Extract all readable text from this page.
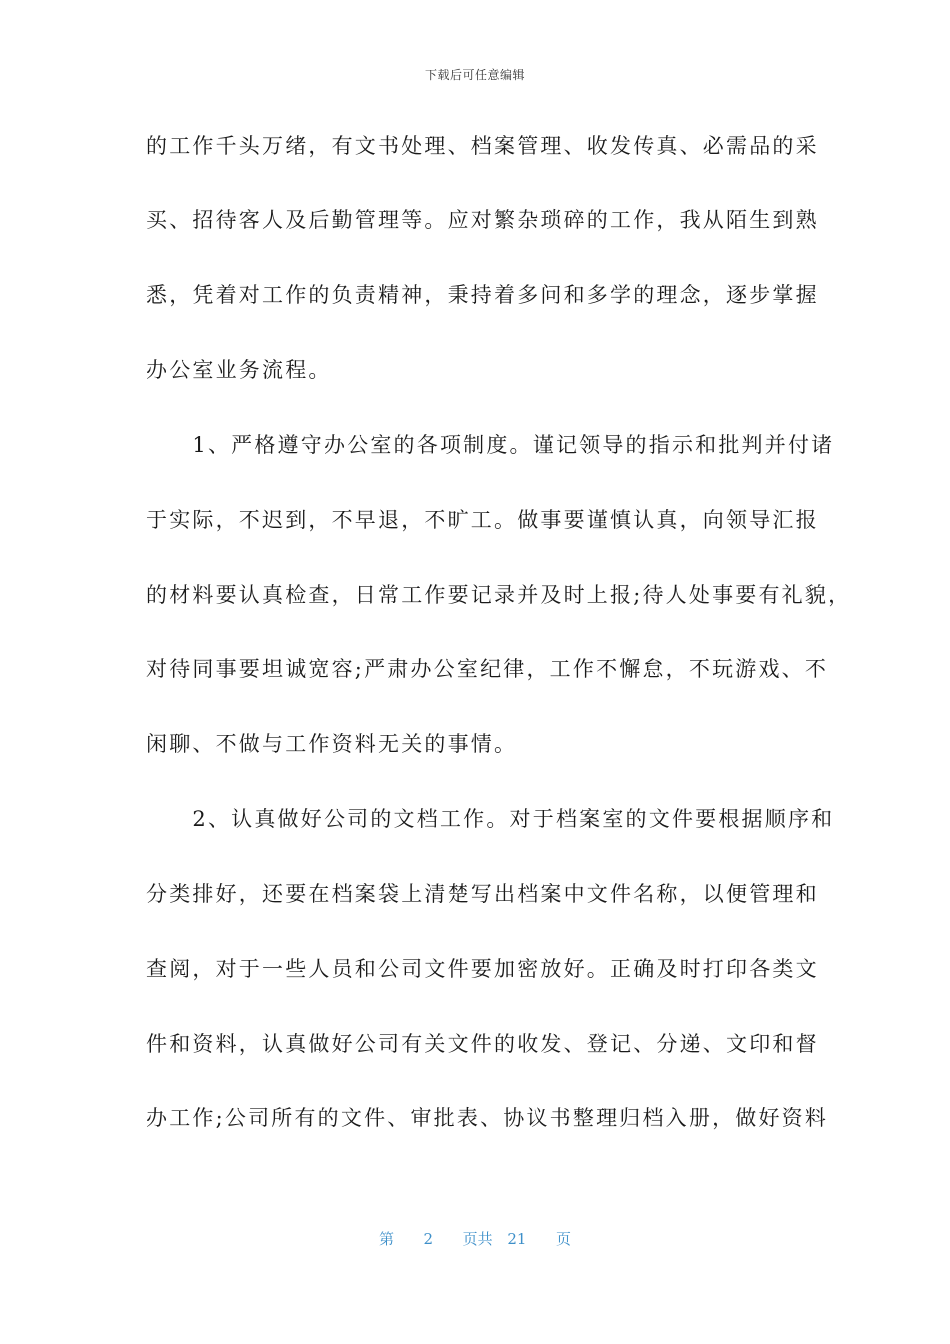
下载后可任意编辑
的工作千头万绪，有文书处理、档案管理、收发传真、必需品的采
买、招待客人及后勤管理等。应对繁杂琐碎的工作，我从陌生到熟
悉，凭着对工作的负责精神，秉持着多问和多学的理念，逐步掌握
办公室业务流程。
　　1、严格遵守办公室的各项制度。谨记领导的指示和批判并付诸
于实际，不迟到，不早退，不旷工。做事要谨慎认真，向领导汇报
的材料要认真检查，日常工作要记录并及时上报;待人处事要有礼貌，
对待同事要坦诚宽容;严肃办公室纪律，工作不懈怠，不玩游戏、不
闲聊、不做与工作资料无关的事情。
　　2、认真做好公司的文档工作。对于档案室的文件要根据顺序和
分类排好，还要在档案袋上清楚写出档案中文件名称，以便管理和
查阅，对于一些人员和公司文件要加密放好。正确及时打印各类文
件和资料，认真做好公司有关文件的收发、登记、分递、文印和督
办工作;公司所有的文件、审批表、协议书整理归档入册，做好资料
第  2  页共 21  页
